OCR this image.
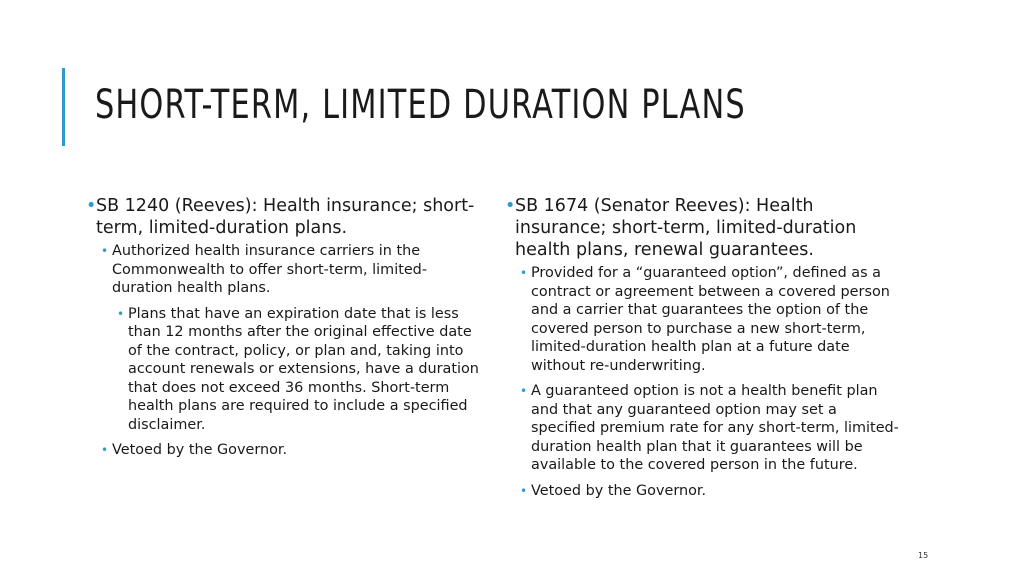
SHORT-TERM, LIMITED DURATION PLANS
• SB 1240 (Reeves): Health insurance; short-term, limited-duration plans.
• Authorized health insurance carriers in the Commonwealth to offer short-term, limited-duration health plans.
• Plans that have an expiration date that is less than 12 months after the original effective date of the contract, policy, or plan and, taking into account renewals or extensions, have a duration that does not exceed 36 months. Short-term health plans are required to include a specified disclaimer.
• Vetoed by the Governor.
• SB 1674 (Senator Reeves): Health insurance; short-term, limited-duration health plans, renewal guarantees.
• Provided for a “guaranteed option”, defined as a contract or agreement between a covered person and a carrier that guarantees the option of the covered person to purchase a new short-term, limited-duration health plan at a future date without re-underwriting.
• A guaranteed option is not a health benefit plan and that any guaranteed option may set a specified premium rate for any short-term, limited-duration health plan that it guarantees will be available to the covered person in the future.
• Vetoed by the Governor.
15
